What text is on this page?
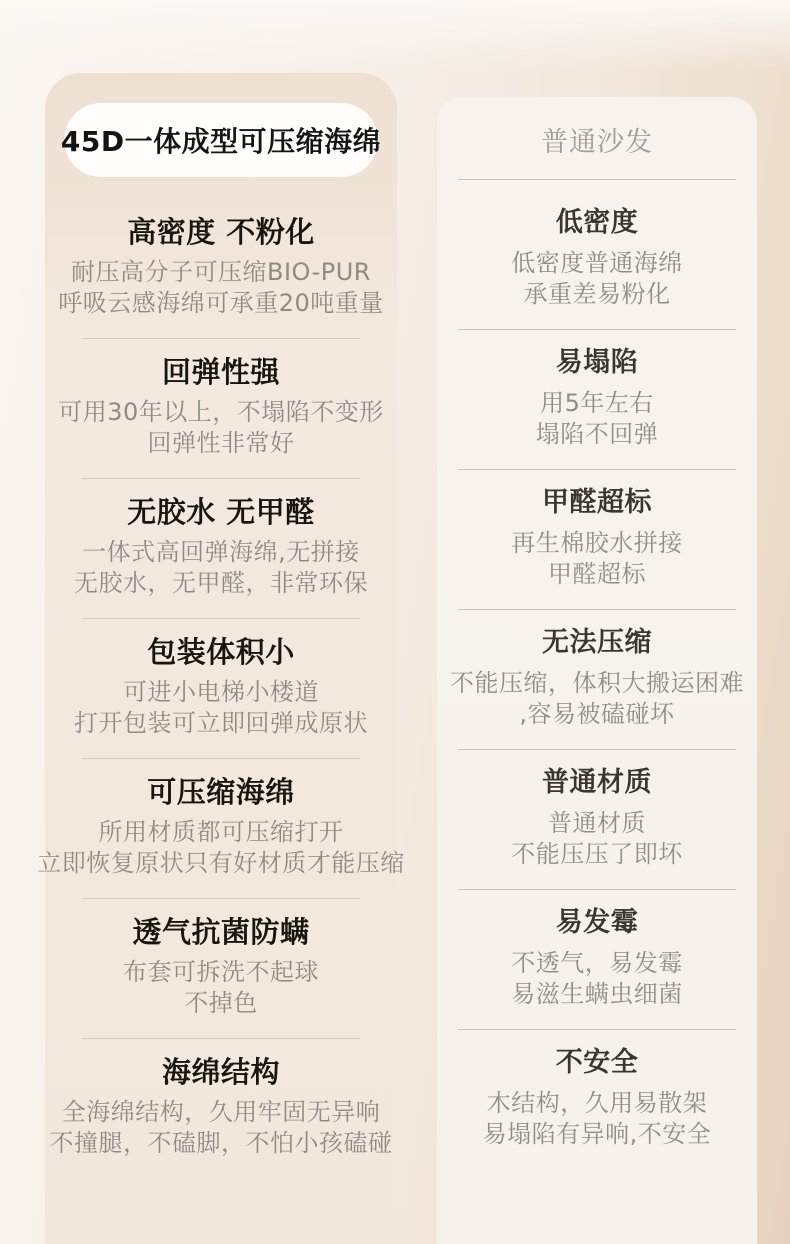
45D一体成型可压缩海绵
高密度 不粉化
耐压高分子可压缩BIO-PUR
呼吸云感海绵可承重20吨重量
回弹性强
可用30年以上，不塌陷不变形
回弹性非常好
无胶水 无甲醛
一体式高回弹海绵,无拼接
无胶水，无甲醛，非常环保
包装体积小
可进小电梯小楼道
打开包装可立即回弹成原状
可压缩海绵
所用材质都可压缩打开
立即恢复原状只有好材质才能压缩
透气抗菌防螨
布套可拆洗不起球
不掉色
海绵结构
全海绵结构，久用牢固无异响
不撞腿，不磕脚，不怕小孩磕碰
普通沙发
低密度
低密度普通海绵
承重差易粉化
易塌陷
用5年左右
塌陷不回弹
甲醛超标
再生棉胶水拼接
甲醛超标
无法压缩
不能压缩，体积大搬运困难
,容易被磕碰坏
普通材质
普通材质
不能压压了即坏
易发霉
不透气，易发霉
易滋生螨虫细菌
不安全
木结构，久用易散架
易塌陷有异响,不安全
